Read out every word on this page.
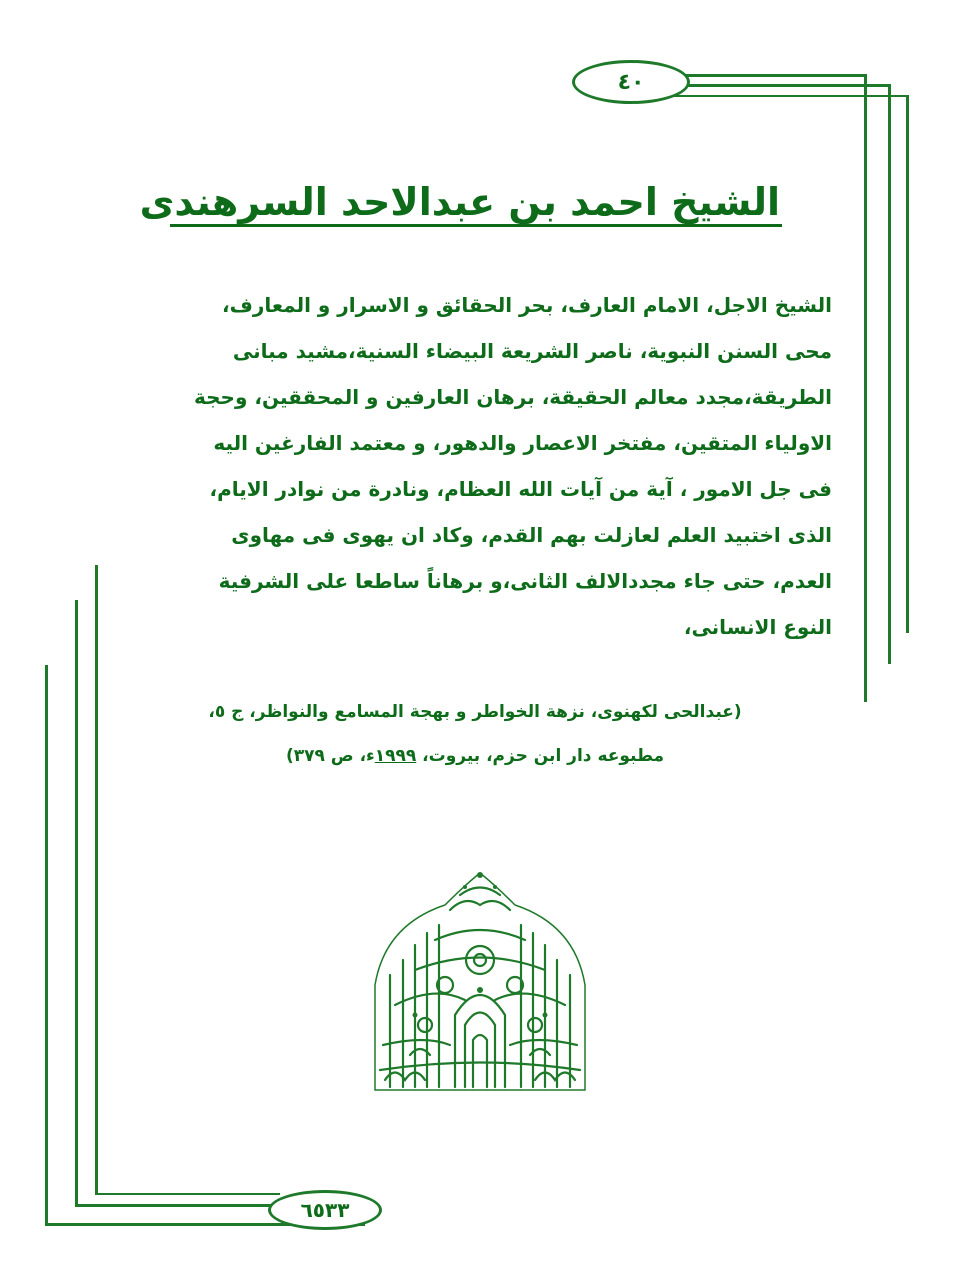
٤٠
الشيخ احمد بن عبدالاحد السرهندى
الشيخ الاجل، الامام العارف، بحر الحقائق و الاسرار و المعارف،
محى السنن النبوية، ناصر الشريعة البيضاء السنية،مشيد مبانى
الطريقة،مجدد معالم الحقيقة، برهان العارفين و المحققين، وحجة
الاولياء المتقين، مفتخر الاعصار والدهور، و معتمد الفارغين اليه
فى جل الامور ، آية من آيات الله العظام، ونادرة من نوادر الايام،
الذى اختبيد العلم لعازلت بهم القدم، وكاد ان يهوى فى مهاوى
العدم، حتى جاء مجددالالف الثانى،و برهاناً ساطعا على الشرفية
النوع الانسانى،
(عبدالحى لكهنوى، نزهة الخواطر و بهجة المسامع والنواظر، ج ٥،
مطبوعه دار ابن حزم، بيروت، ١٩٩٩ء، ص ٣٧٩)
٦٥٣٣
